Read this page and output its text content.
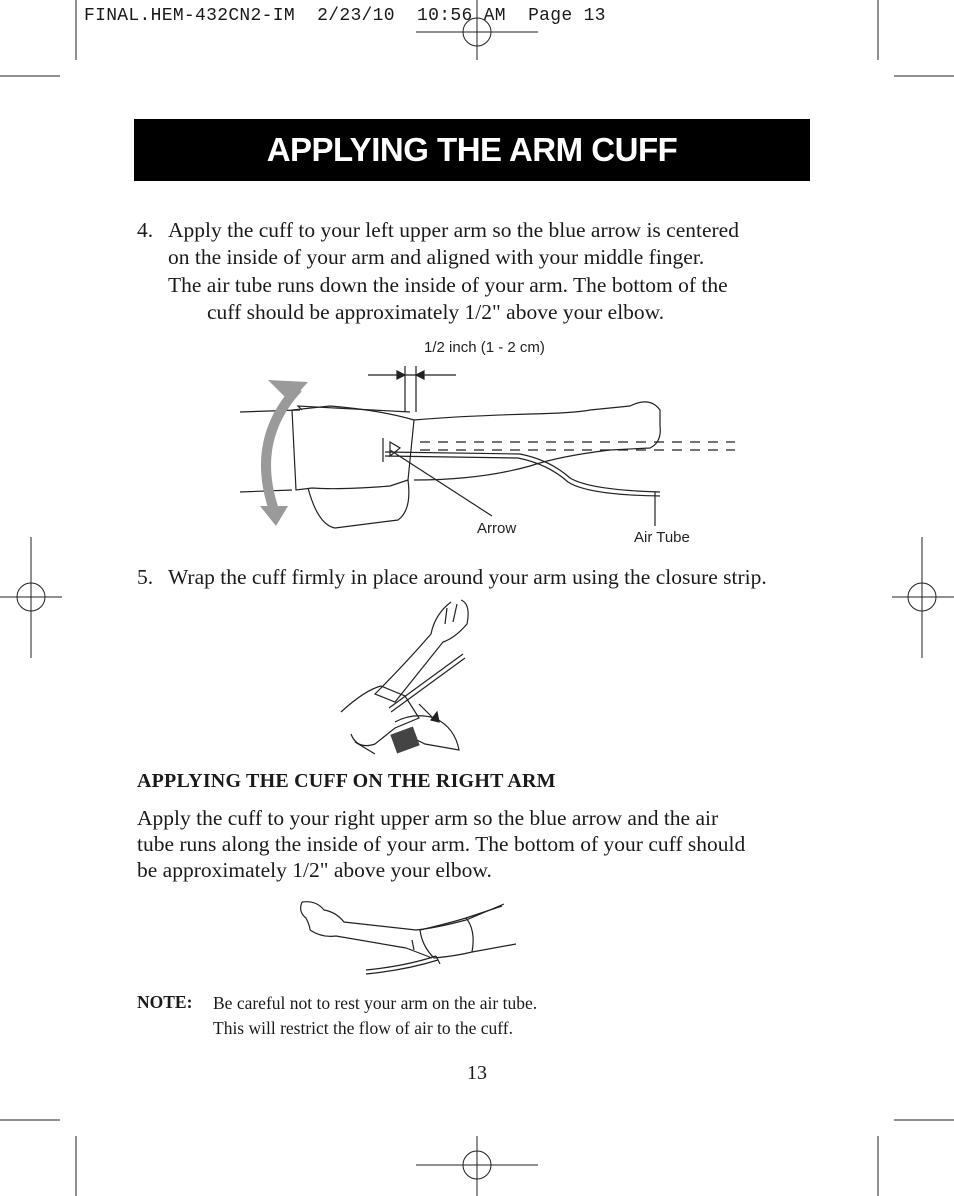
FINAL.HEM-432CN2-IM  2/23/10  10:56 AM  Page 13
APPLYING THE ARM CUFF
4. Apply the cuff to your left upper arm so the blue arrow is centered
on the inside of your arm and aligned with your middle finger.
The air tube runs down the inside of your arm. The bottom of the
cuff should be approximately 1/2" above your elbow.
1/2 inch (1 - 2 cm)
Arrow
Air Tube
5. Wrap the cuff firmly in place around your arm using the closure strip.
APPLYING THE CUFF ON THE RIGHT ARM
Apply the cuff to your right upper arm so the blue arrow and the air
tube runs along the inside of your arm. The bottom of your cuff should
be approximately 1/2" above your elbow.
NOTE: Be careful not to rest your arm on the air tube.
This will restrict the flow of air to the cuff.
13
